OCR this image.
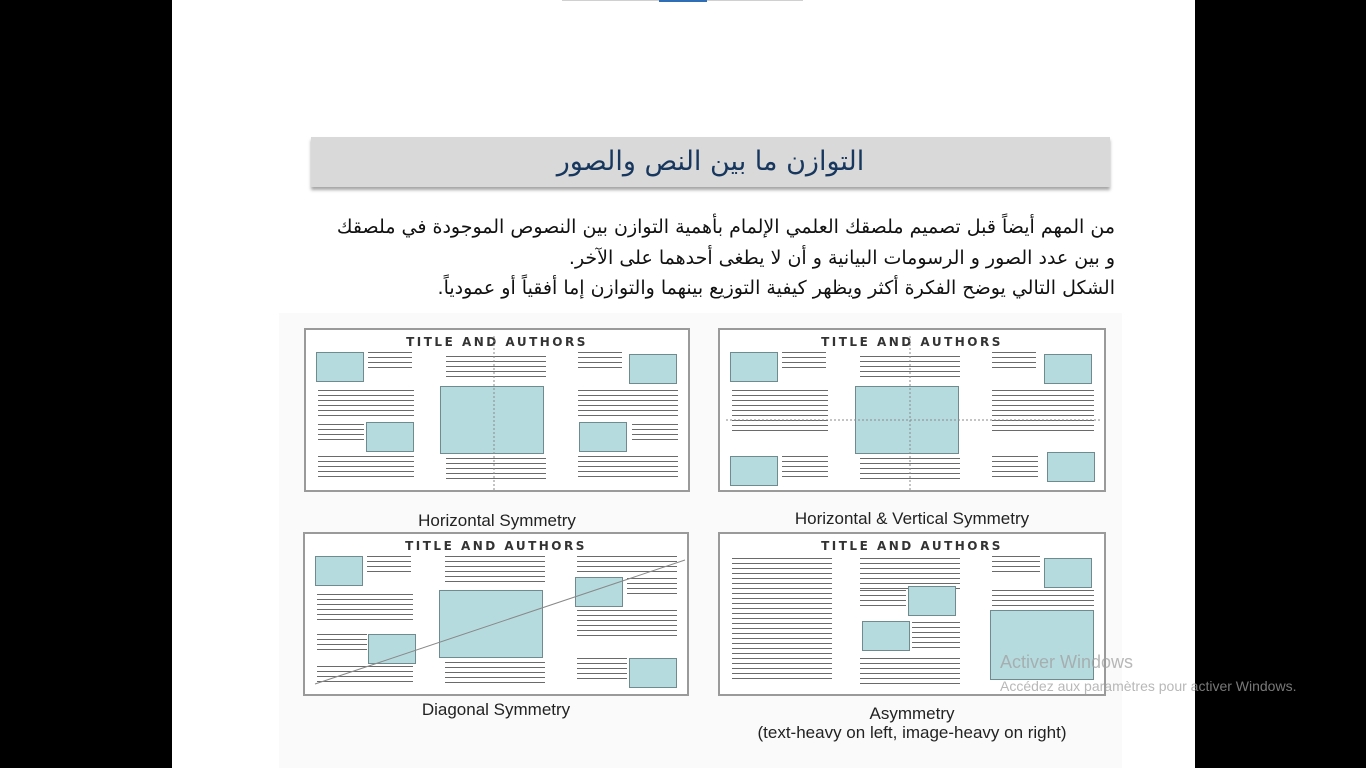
التوازن ما بين النص والصور
من المهم أيضاً قبل تصميم ملصقك العلمي الإلمام بأهمية التوازن بين النصوص الموجودة في ملصقك
و بين عدد الصور و الرسومات البيانية و أن لا يطغى أحدهما على الآخر.
الشكل التالي يوضح الفكرة أكثر ويظهر كيفية التوزيع بينهما والتوازن إما أفقياً أو عمودياً.
TITLE AND AUTHORS
Horizontal Symmetry
TITLE AND AUTHORS
Horizontal & Vertical Symmetry
TITLE AND AUTHORS
Diagonal Symmetry
TITLE AND AUTHORS
Asymmetry
(text-heavy on left, image-heavy on right)
Activer Windows
Accédez aux paramètres pour activer Windows.
